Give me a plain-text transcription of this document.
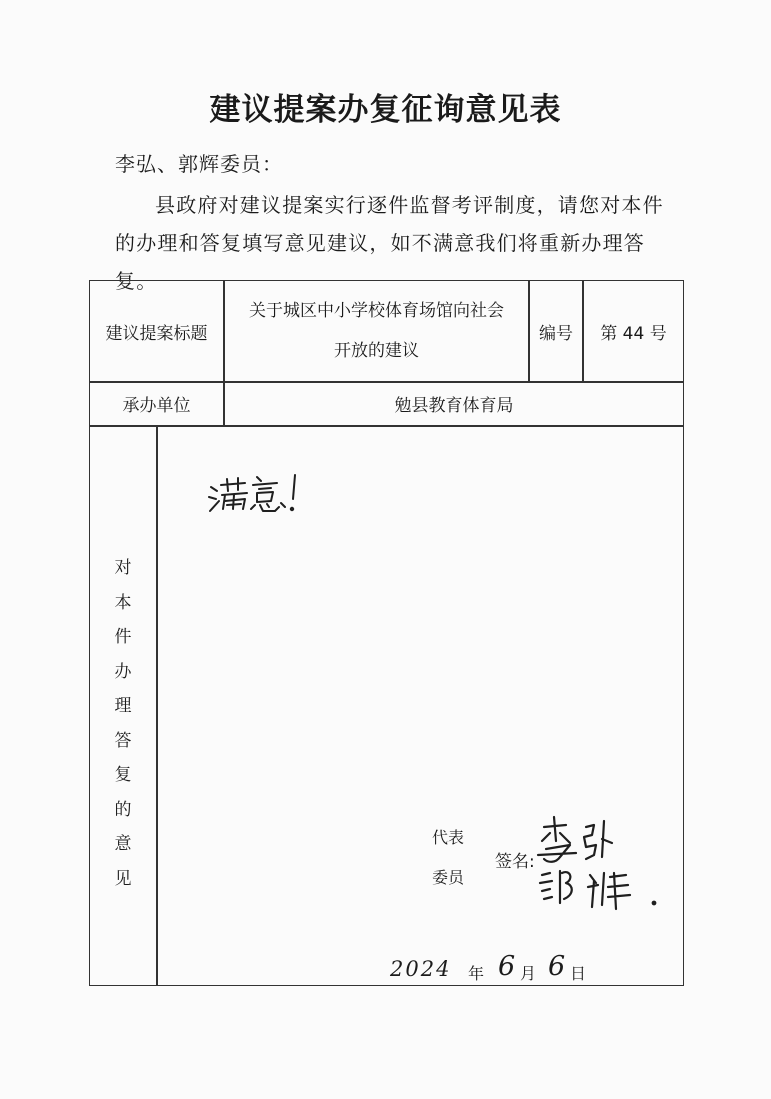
建议提案办复征询意见表
李弘、郭辉委员：
县政府对建议提案实行逐件监督考评制度，请您对本件的办理和答复填写意见建议，如不满意我们将重新办理答复。
建议提案标题
关于城区中小学校体育场馆向社会
开放的建议
编号	第 44 号
承办单位	勉县教育体育局
对
本
件
办
理
答
复
的
意
见
代表
委员
签名:
2024 年 6 月 6 日
